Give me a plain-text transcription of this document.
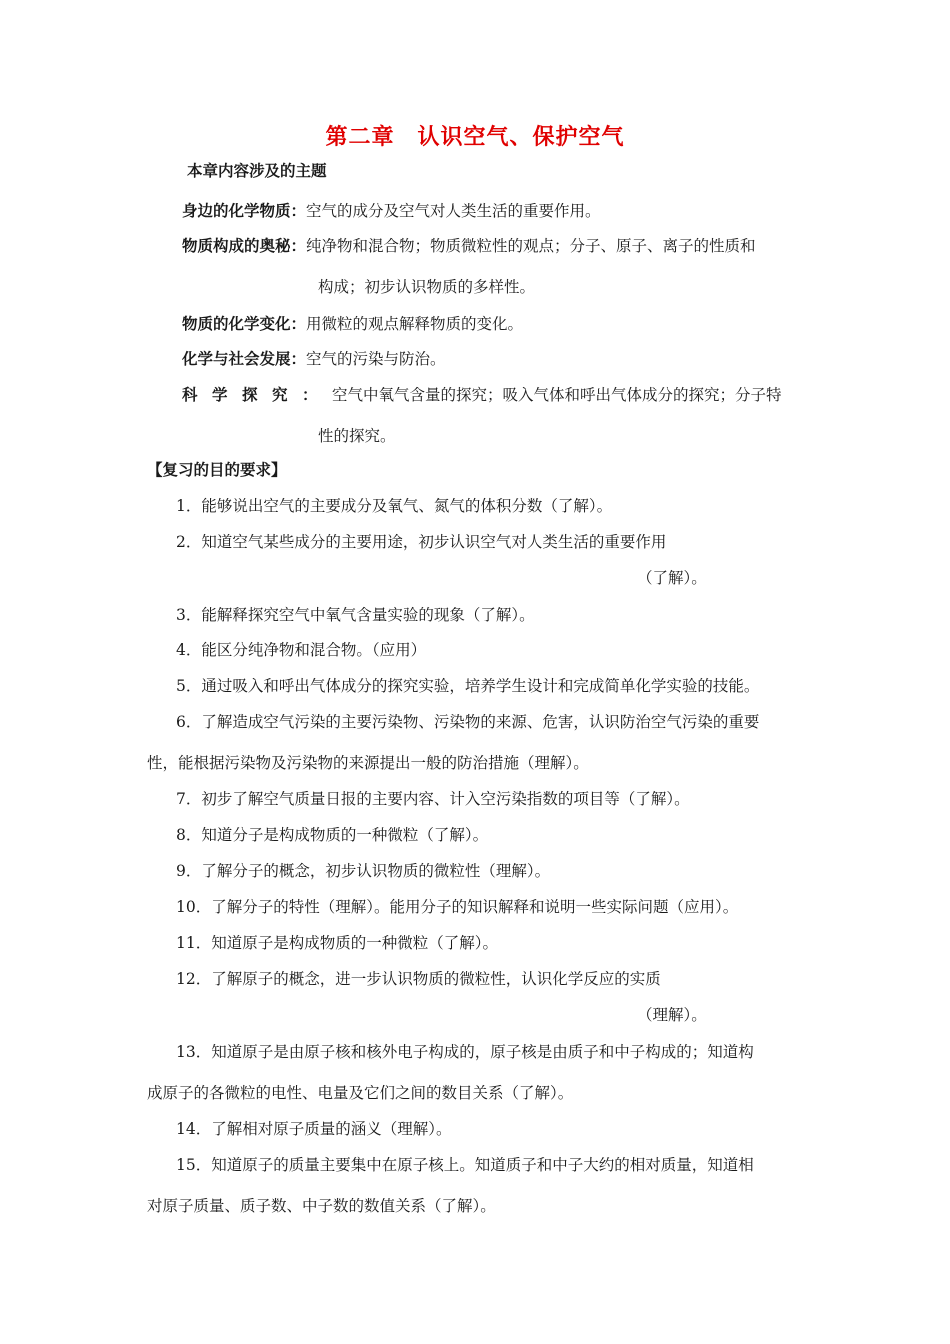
第二章　认识空气、保护空气
本章内容涉及的主题
身边的化学物质：空气的成分及空气对人类生活的重要作用。
物质构成的奥秘：纯净物和混合物；物质微粒性的观点；分子、原子、离子的性质和
构成；初步认识物质的多样性。
物质的化学变化：用微粒的观点解释物质的变化。
化学与社会发展：空气的污染与防治。
科学探究：空气中氧气含量的探究；吸入气体和呼出气体成分的探究；分子特
性的探究。
【复习的目的要求】
1．能够说出空气的主要成分及氧气、氮气的体积分数（了解）。
2．知道空气某些成分的主要用途，初步认识空气对人类生活的重要作用
（了解）。
3．能解释探究空气中氧气含量实验的现象（了解）。
4．能区分纯净物和混合物。（应用）
5．通过吸入和呼出气体成分的探究实验，培养学生设计和完成简单化学实验的技能。
6．了解造成空气污染的主要污染物、污染物的来源、危害，认识防治空气污染的重要
性，能根据污染物及污染物的来源提出一般的防治措施（理解）。
7．初步了解空气质量日报的主要内容、计入空污染指数的项目等（了解）。
8．知道分子是构成物质的一种微粒（了解）。
9．了解分子的概念，初步认识物质的微粒性（理解）。
10．了解分子的特性（理解）。能用分子的知识解释和说明一些实际问题（应用）。
11．知道原子是构成物质的一种微粒（了解）。
12．了解原子的概念，进一步认识物质的微粒性，认识化学反应的实质
（理解）。
13．知道原子是由原子核和核外电子构成的，原子核是由质子和中子构成的；知道构
成原子的各微粒的电性、电量及它们之间的数目关系（了解）。
14．了解相对原子质量的涵义（理解）。
15．知道原子的质量主要集中在原子核上。知道质子和中子大约的相对质量，知道相
对原子质量、质子数、中子数的数值关系（了解）。
